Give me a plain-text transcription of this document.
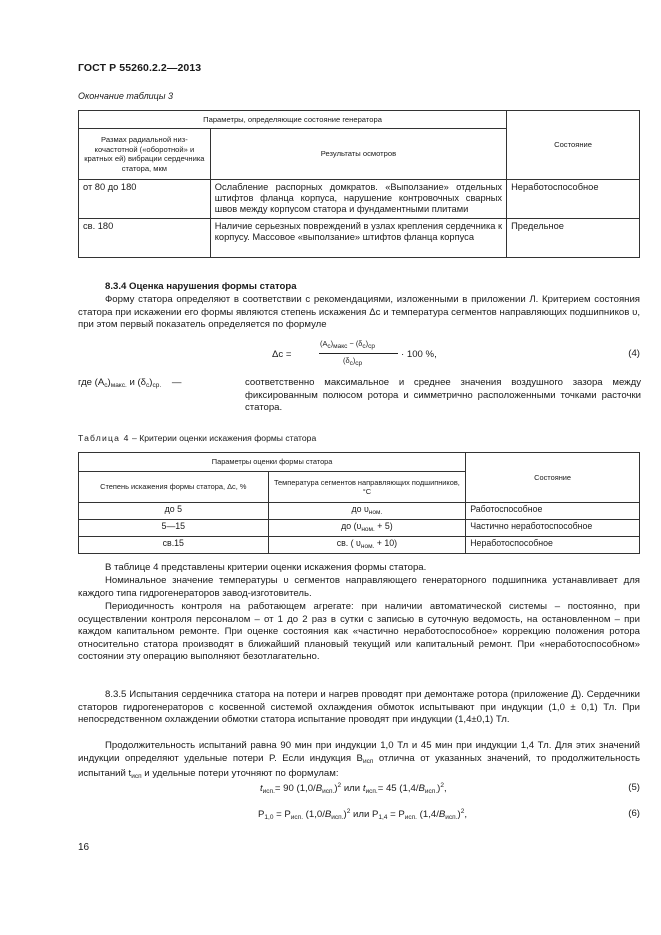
ГОСТ Р 55260.2.2—2013
Окончание таблицы 3
Параметры, определяющие состояние генератора		Состояние
Размах радиальной низкочастотной («оборотной» и кратных ей) вибрации сердечника статора, мкм	Результаты осмотров	
от 80 до 180	Ослабление распорных домкратов. «Выползание» отдельных штифтов фланца корпуса, нарушение контровочных сварных швов между корпусом статора и фундаментными плитами	Неработоспособное
св. 180	Наличие серьезных повреждений в узлах крепления сердечника к корпусу. Массовое «выползание» штифтов фланца корпуса	Предельное
8.3.4 Оценка нарушения формы статора
Форму статора определяют в соответствии с рекомендациями, изложенными в приложении Л. Критерием состояния статора при искажении его формы являются степень искажения Δc и температура сегментов направляющих подшипников υ, при этом первый показатель определяется по формуле
Δc =
(Ac)макс − (δc)ср
(δc)ср
· 100 %,	(4)
где $(A_c)_{макс.}$ и $(\delta_c)_{ср.}$ —	соответственно максимальное и среднее значения воздушного зазора между фиксированным полюсом ротора и симметрично расположенными точками расточки статора.
Таблица 4 – Критерии оценки искажения формы статора
Параметры оценки формы статора		Состояние
Степень искажения формы статора, Δc, %	Температура сегментов направляющих подшипников, °С	
до 5	до $\upsilon_{ном.}$	Работоспособное
5—15	до $(\upsilon_{ном.} + 5)$	Частично неработоспособное
св.15	св. ( $\upsilon_{ном.} + 10$)	Неработоспособное
В таблице 4 представлены критерии оценки искажения формы статора.
Номинальное значение температуры υ сегментов направляющего генераторного подшипника устанавливает для каждого типа гидрогенераторов завод-изготовитель.
Периодичность контроля на работающем агрегате: при наличии автоматической системы – постоянно, при осуществлении контроля персоналом – от 1 до 2 раз в сутки с записью в суточную ведомость, на остановленном – при каждом капитальном ремонте. При оценке состояния как «частично неработоспособное» коррекцию положения ротора относительно статора производят в ближайший плановый текущий или капитальный ремонт. При «неработоспособном» состоянии эту операцию выполняют безотлагательно.
8.3.5 Испытания сердечника статора на потери и нагрев проводят при демонтаже ротора (приложение Д). Сердечники статоров гидрогенераторов с косвенной системой охлаждения обмоток испытывают при индукции (1,0 ± 0,1) Тл. При непосредственном охлаждении обмотки статора испытание проводят при индукции (1,4±0,1) Тл.
Продолжительность испытаний равна 90 мин при индукции 1,0 Тл и 45 мин при индукции 1,4 Тл. Для этих значений индукции определяют удельные потери P. Если индукция $B_{исп}$ отлична от указанных значений, то продолжительность испытаний $t_{исп}$ и удельные потери уточняют по формулам:
$t_{исп.}= 90$ $(1,0/B_{исп.})^2$ или $t_{исп.}= 45$ $(1,4/B_{исп.})^2$,	(5)
$P_{1,0} = P_{исп.}$ $(1,0/B_{исп.})^2$ или $P_{1,4} = P_{исп.}$ $(1,4/B_{исп.})^2$,	(6)
16
